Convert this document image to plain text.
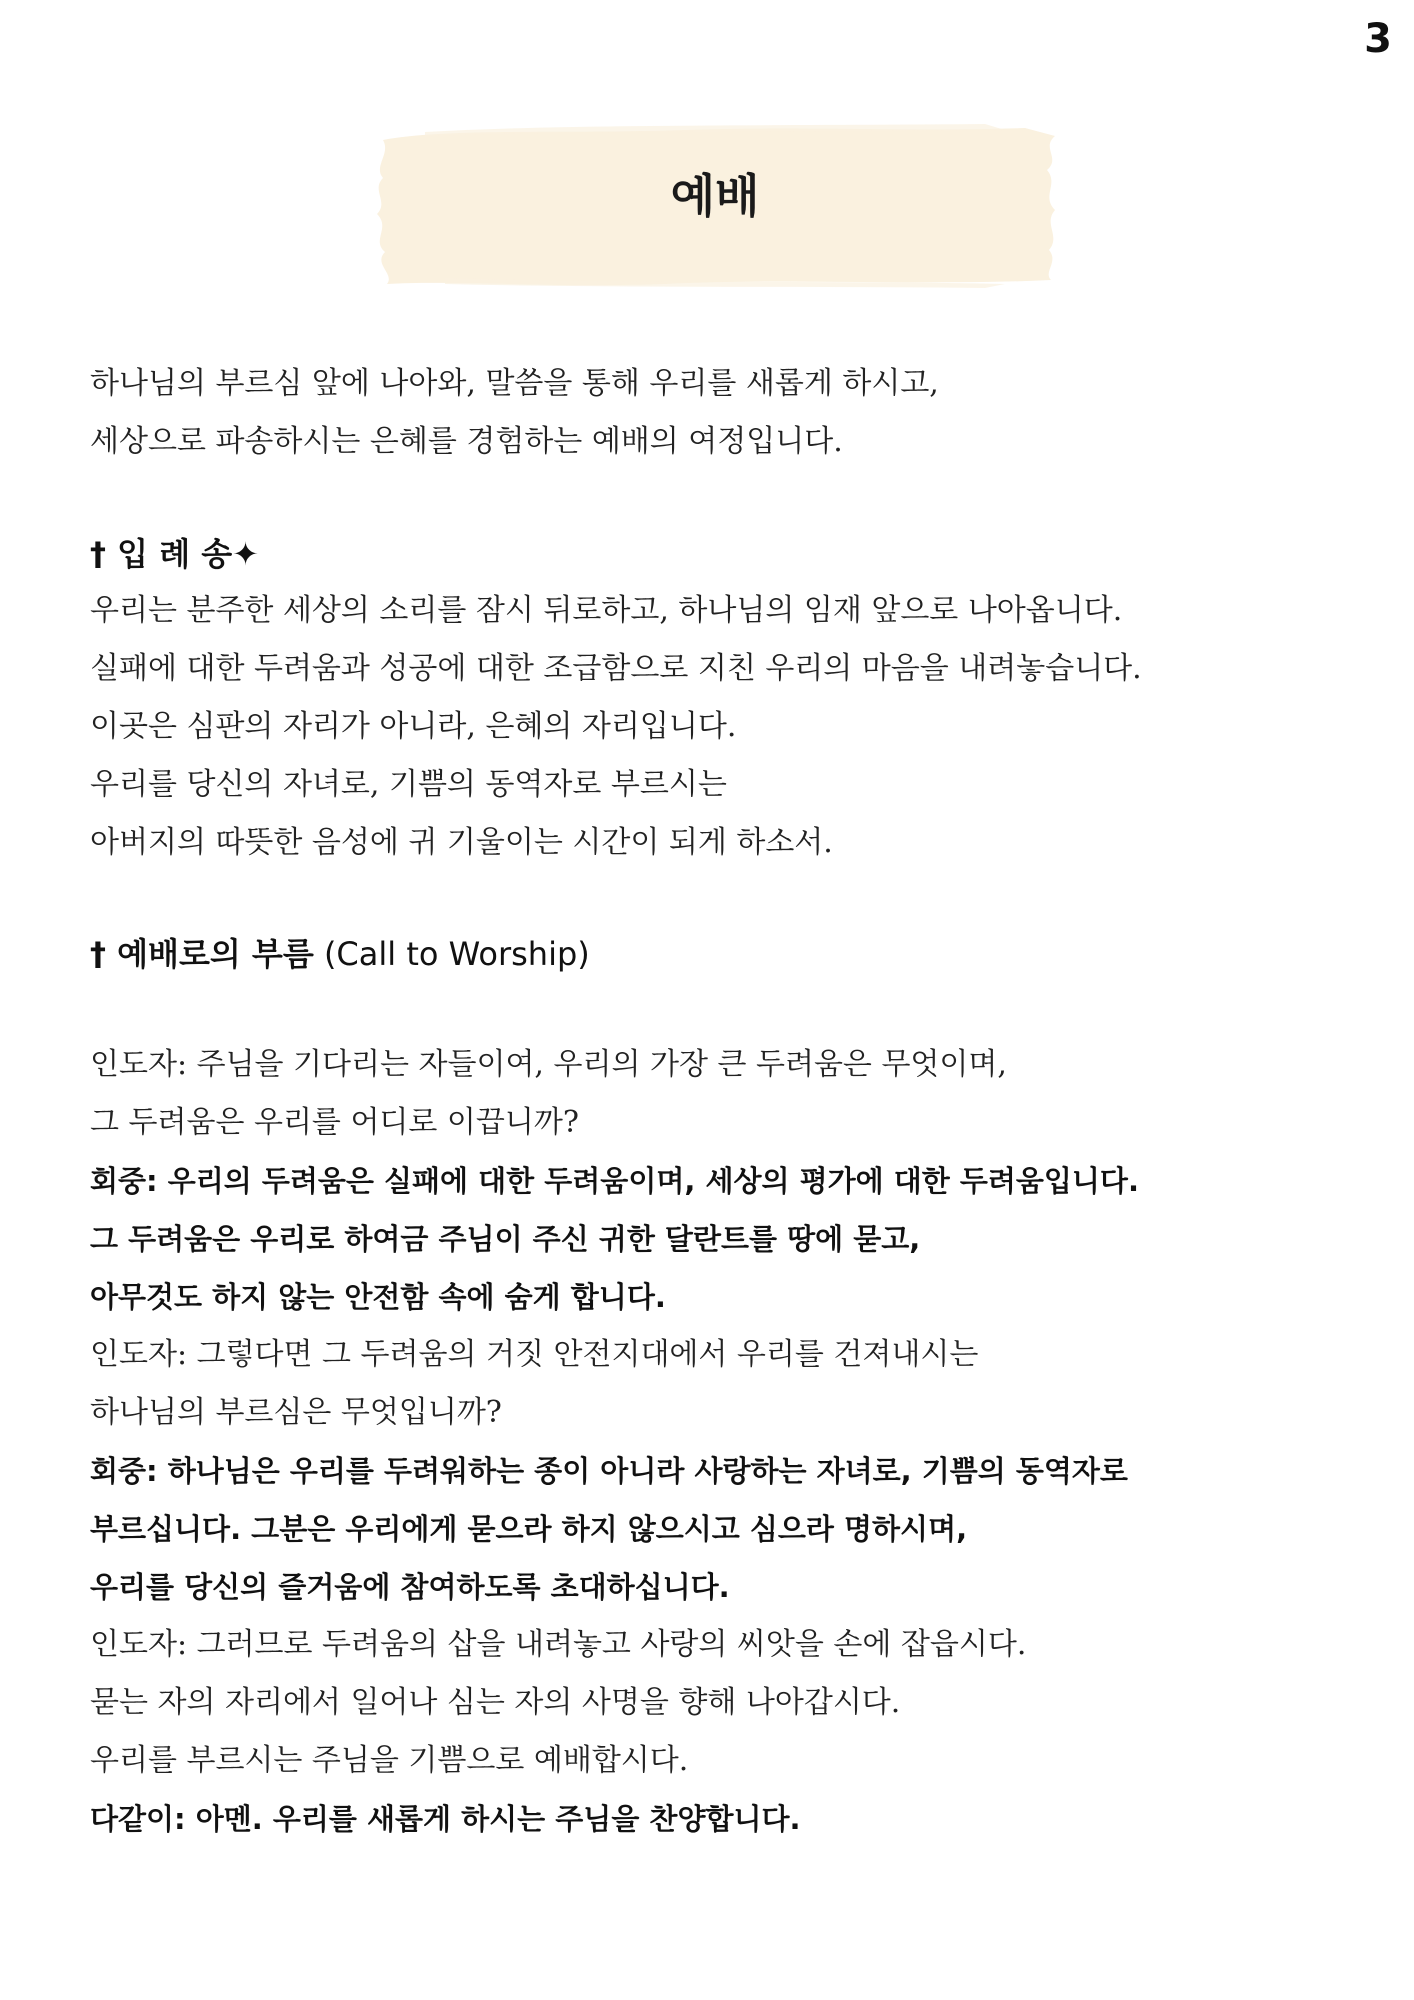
3
예배
하나님의 부르심 앞에 나아와, 말씀을 통해 우리를 새롭게 하시고,
세상으로 파송하시는 은혜를 경험하는 예배의 여정입니다.
† 입 례 송✦
우리는 분주한 세상의 소리를 잠시 뒤로하고, 하나님의 임재 앞으로 나아옵니다.
실패에 대한 두려움과 성공에 대한 조급함으로 지친 우리의 마음을 내려놓습니다.
이곳은 심판의 자리가 아니라, 은혜의 자리입니다.
우리를 당신의 자녀로, 기쁨의 동역자로 부르시는
아버지의 따뜻한 음성에 귀 기울이는 시간이 되게 하소서.
† 예배로의 부름 (Call to Worship)
인도자: 주님을 기다리는 자들이여, 우리의 가장 큰 두려움은 무엇이며,
그 두려움은 우리를 어디로 이끕니까?
회중: 우리의 두려움은 실패에 대한 두려움이며, 세상의 평가에 대한 두려움입니다.
그 두려움은 우리로 하여금 주님이 주신 귀한 달란트를 땅에 묻고,
아무것도 하지 않는 안전함 속에 숨게 합니다.
인도자: 그렇다면 그 두려움의 거짓 안전지대에서 우리를 건져내시는
하나님의 부르심은 무엇입니까?
회중: 하나님은 우리를 두려워하는 종이 아니라 사랑하는 자녀로, 기쁨의 동역자로
부르십니다. 그분은 우리에게 묻으라 하지 않으시고 심으라 명하시며,
우리를 당신의 즐거움에 참여하도록 초대하십니다.
인도자: 그러므로 두려움의 삽을 내려놓고 사랑의 씨앗을 손에 잡읍시다.
묻는 자의 자리에서 일어나 심는 자의 사명을 향해 나아갑시다.
우리를 부르시는 주님을 기쁨으로 예배합시다.
다같이: 아멘. 우리를 새롭게 하시는 주님을 찬양합니다.
